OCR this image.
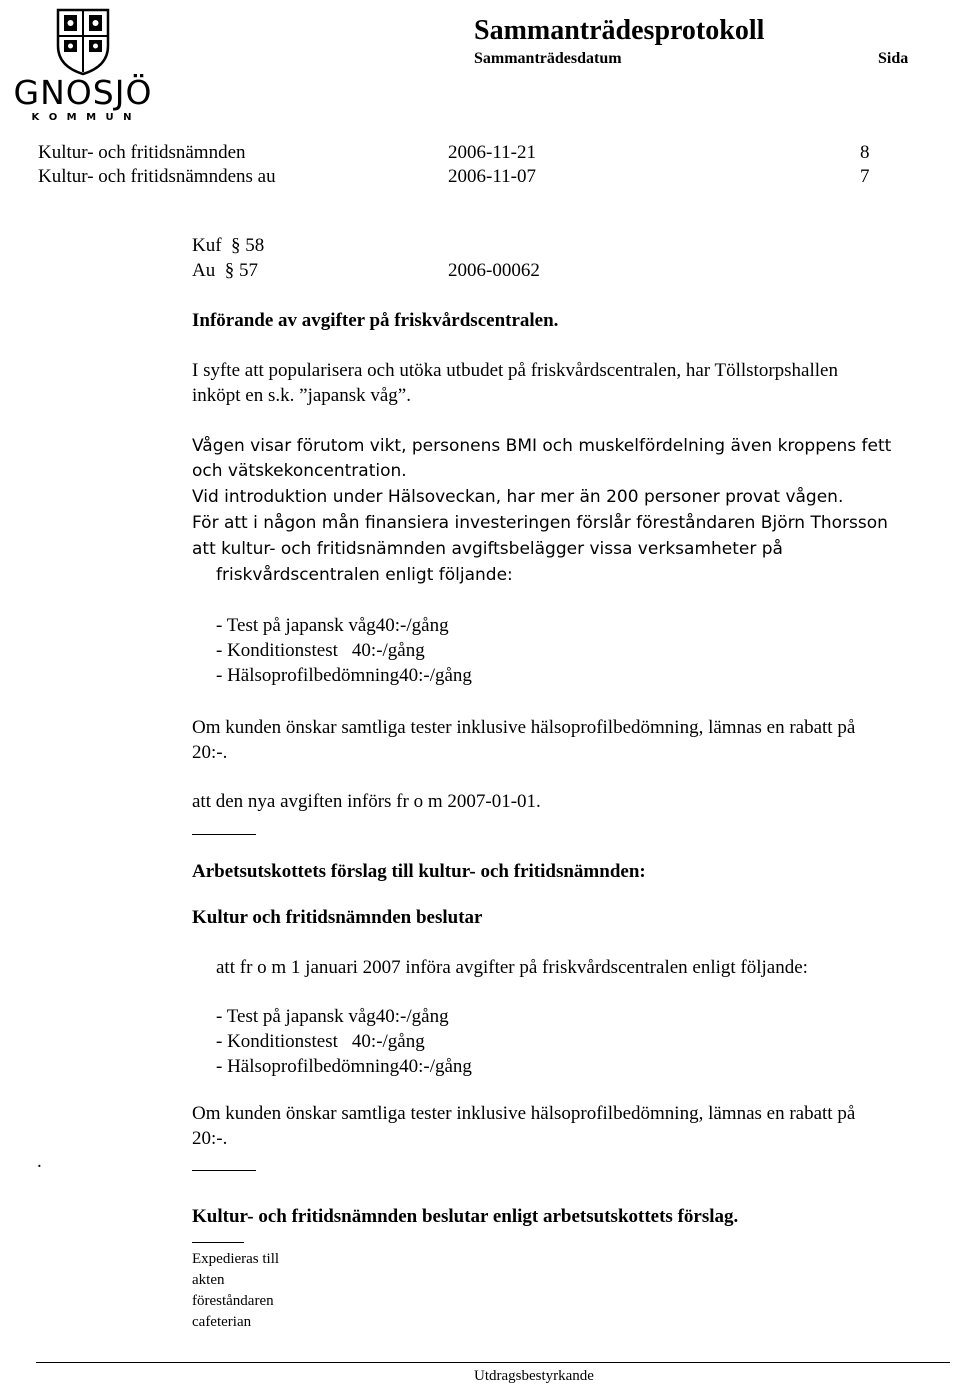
GNOSJÖ
K O M M U N
Sammanträdesprotokoll
Sammanträdesdatum	Sida
Kultur- och fritidsnämnden	2006-11-21	8
Kultur- och fritidsnämndens au	2006-11-07	7
Kuf  § 58
Au  § 57	2006-00062
Införande av avgifter på friskvårdscentralen.
I syfte att popularisera och utöka utbudet på friskvårdscentralen, har Töllstorpshallen
inköpt en s.k. ”japansk våg”.
Vågen visar förutom vikt, personens BMI och muskelfördelning även kroppens fett
och vätskekoncentration.
Vid introduktion under Hälsoveckan, har mer än 200 personer provat vågen.
För att i någon mån finansiera investeringen förslår föreståndaren Björn Thorsson
att kultur- och fritidsnämnden avgiftsbelägger vissa verksamheter på
friskvårdscentralen enligt följande:
- Test på japansk våg40:-/gång
- Konditionstest 40:-/gång
- Hälsoprofilbedömning40:-/gång
Om kunden önskar samtliga tester inklusive hälsoprofilbedömning, lämnas en rabatt på
20:-.
att den nya avgiften införs fr o m 2007-01-01.
Arbetsutskottets förslag till kultur- och fritidsnämnden:
Kultur och fritidsnämnden beslutar
att fr o m 1 januari 2007 införa avgifter på friskvårdscentralen enligt följande:
- Test på japansk våg40:-/gång
- Konditionstest 40:-/gång
- Hälsoprofilbedömning40:-/gång
Om kunden önskar samtliga tester inklusive hälsoprofilbedömning, lämnas en rabatt på
20:-.
.
Kultur- och fritidsnämnden beslutar enligt arbetsutskottets förslag.
Expedieras till
akten
föreståndaren
cafeterian
Utdragsbestyrkande
